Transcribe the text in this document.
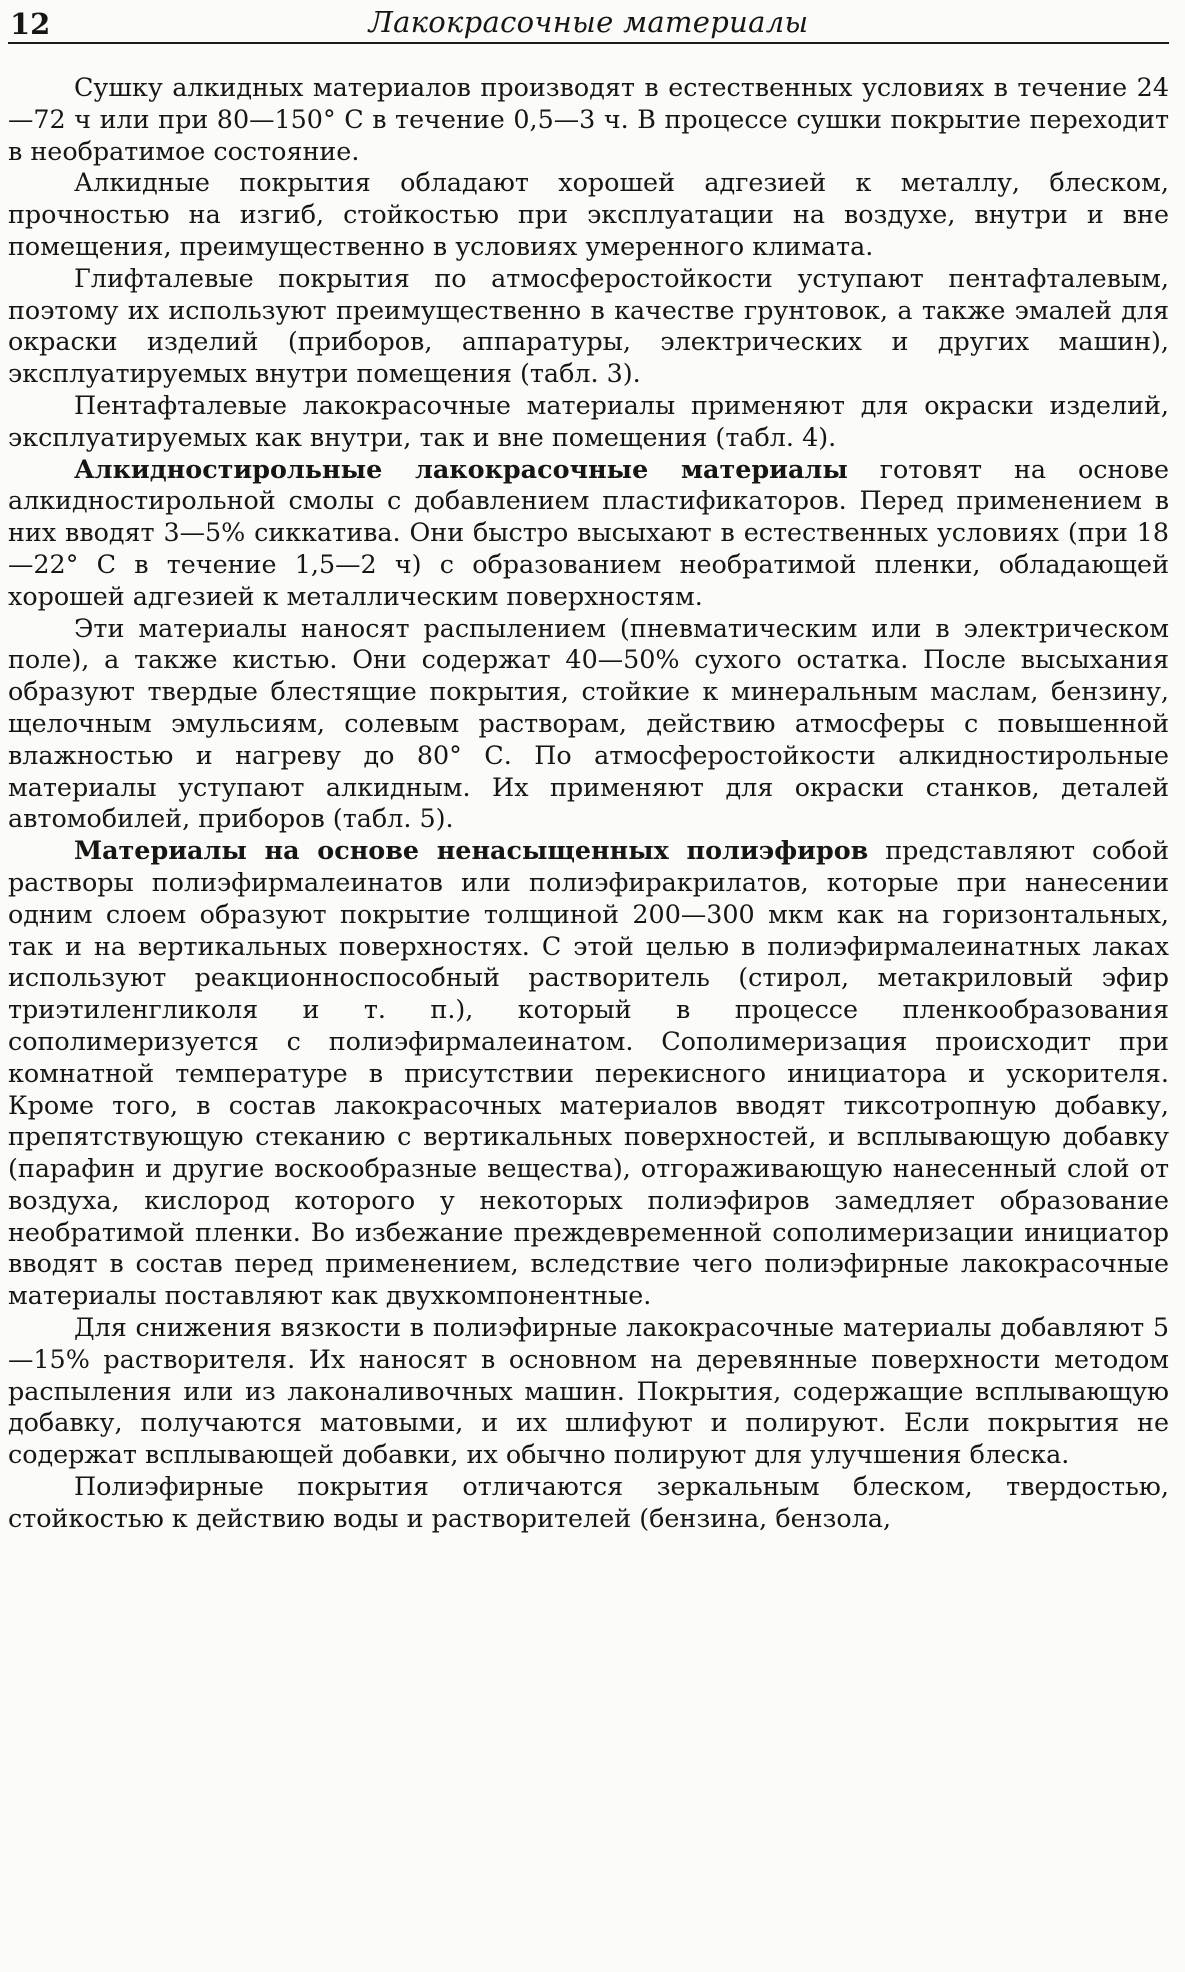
12	Лакокрасочные материалы

Сушку алкидных материалов производят в естественных условиях в течение 24—72 ч или при 80—150° С в течение 0,5—3 ч. В процессе сушки покрытие переходит в необратимое состояние.

Алкидные покрытия обладают хорошей адгезией к металлу, блеском, прочностью на изгиб, стойкостью при эксплуатации на воздухе, внутри и вне помещения, преимущественно в условиях умеренного климата.

Глифталевые покрытия по атмосферостойкости уступают пентафталевым, поэтому их используют преимущественно в качестве грунтовок, а также эмалей для окраски изделий (приборов, аппаратуры, электрических и других машин), эксплуатируемых внутри помещения (табл. 3).

Пентафталевые лакокрасочные материалы применяют для окраски изделий, эксплуатируемых как внутри, так и вне помещения (табл. 4).

Алкидностирольные лакокрасочные материалы готовят на основе алкидностирольной смолы с добавлением пластификаторов. Перед применением в них вводят 3—5% сиккатива. Они быстро высыхают в естественных условиях (при 18—22° С в течение 1,5—2 ч) с образованием необратимой пленки, обладающей хорошей адгезией к металлическим поверхностям.

Эти материалы наносят распылением (пневматическим или в электрическом поле), а также кистью. Они содержат 40—50% сухого остатка. После высыхания образуют твердые блестящие покрытия, стойкие к минеральным маслам, бензину, щелочным эмульсиям, солевым растворам, действию атмосферы с повышенной влажностью и нагреву до 80° С. По атмосферостойкости алкидностирольные материалы уступают алкидным. Их применяют для окраски станков, деталей автомобилей, приборов (табл. 5).

Материалы на основе ненасыщенных полиэфиров представляют собой растворы полиэфирмалеинатов или полиэфиракрилатов, которые при нанесении одним слоем образуют покрытие толщиной 200—300 мкм как на горизонтальных, так и на вертикальных поверхностях. С этой целью в полиэфирмалеинатных лаках используют реакционноспособный растворитель (стирол, метакриловый эфир триэтиленгликоля и т. п.), который в процессе пленкообразования сополимеризуется с полиэфирмалеинатом. Сополимеризация происходит при комнатной температуре в присутствии перекисного инициатора и ускорителя. Кроме того, в состав лакокрасочных материалов вводят тиксотропную добавку, препятствующую стеканию с вертикальных поверхностей, и всплывающую добавку (парафин и другие воскообразные вещества), отгораживающую нанесенный слой от воздуха, кислород которого у некоторых полиэфиров замедляет образование необратимой пленки. Во избежание преждевременной сополимеризации инициатор вводят в состав перед применением, вследствие чего полиэфирные лакокрасочные материалы поставляют как двухкомпонентные.

Для снижения вязкости в полиэфирные лакокрасочные материалы добавляют 5—15% растворителя. Их наносят в основном на деревянные поверхности методом распыления или из лаконаливочных машин. Покрытия, содержащие всплывающую добавку, получаются матовыми, и их шлифуют и полируют. Если покрытия не содержат всплывающей добавки, их обычно полируют для улучшения блеска.

Полиэфирные покрытия отличаются зеркальным блеском, твердостью, стойкостью к действию воды и растворителей (бензина, бензола,
